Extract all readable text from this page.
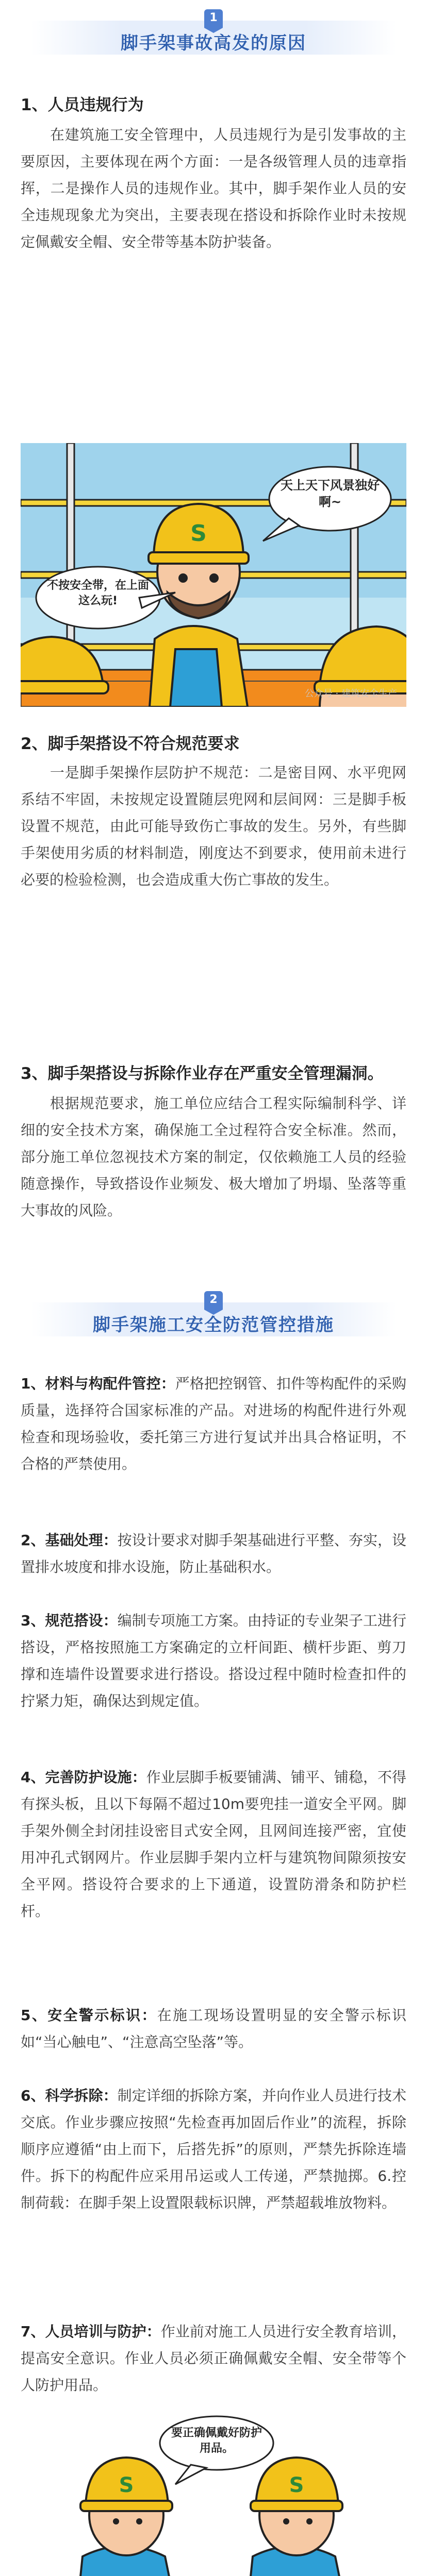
1
脚手架事故高发的原因
1、人员违规行为

  在建筑施工安全管理中，人员违规行为是引发事故的主要原因，主要体现在两个方面：一是各级管理人员的违章指挥，二是操作人员的违规作业。其中，脚手架作业人员的安全违规现象尤为突出，主要表现在搭设和拆除作业时未按规定佩戴安全帽、安全带等基本防护装备。

S
天上天下风景独好啊~
不按安全带，在上面这么玩!
公众号 · 建筑安全生产
2、脚手架搭设不符合规范要求

  一是脚手架操作层防护不规范：二是密目网、水平兜网系结不牢固，未按规定设置随层兜网和层间网：三是脚手板设置不规范，由此可能导致伤亡事故的发生。另外，有些脚手架使用劣质的材料制造，刚度达不到要求，使用前未进行必要的检验检测，也会造成重大伤亡事故的发生。

3、脚手架搭设与拆除作业存在严重安全管理漏洞。

  根据规范要求，施工单位应结合工程实际编制科学、详细的安全技术方案，确保施工全过程符合安全标准。然而，部分施工单位忽视技术方案的制定，仅依赖施工人员的经验随意操作，导致搭设作业频发、极大增加了坍塌、坠落等重大事故的风险。

2
脚手架施工安全防范管控措施

1、材料与构配件管控：严格把控钢管、扣件等构配件的采购质量，选择符合国家标准的产品。对进场的构配件进行外观检查和现场验收，委托第三方进行复试并出具合格证明，不合格的严禁使用。

2、基础处理：按设计要求对脚手架基础进行平整、夯实，设置排水坡度和排水设施，防止基础积水。

3、规范搭设：编制专项施工方案。由持证的专业架子工进行搭设，严格按照施工方案确定的立杆间距、横杆步距、剪刀撑和连墙件设置要求进行搭设。搭设过程中随时检查扣件的拧紧力矩，确保达到规定值。

4、完善防护设施：作业层脚手板要铺满、铺平、铺稳，不得有探头板，且以下每隔不超过10m要兜挂一道安全平网。脚手架外侧全封闭挂设密目式安全网，且网间连接严密，宜使用冲孔式钢网片。作业层脚手架内立杆与建筑物间隙须按安全平网。搭设符合要求的上下通道，设置防滑条和防护栏杆。

5、安全警示标识：在施工现场设置明显的安全警示标识如“当心触电”、“注意高空坠落”等。

6、科学拆除：制定详细的拆除方案，并向作业人员进行技术交底。作业步骤应按照“先检查再加固后作业”的流程，拆除顺序应遵循“由上而下，后搭先拆”的原则，严禁先拆除连墙件。拆下的构配件应采用吊运或人工传递，严禁抛掷。6.控制荷载：在脚手架上设置限载标识牌，严禁超载堆放物料。

7、人员培训与防护：作业前对施工人员进行安全教育培训，提高安全意识。作业人员必须正确佩戴安全帽、安全带等个人防护用品。

S	S
要正确佩戴好防护用品。
